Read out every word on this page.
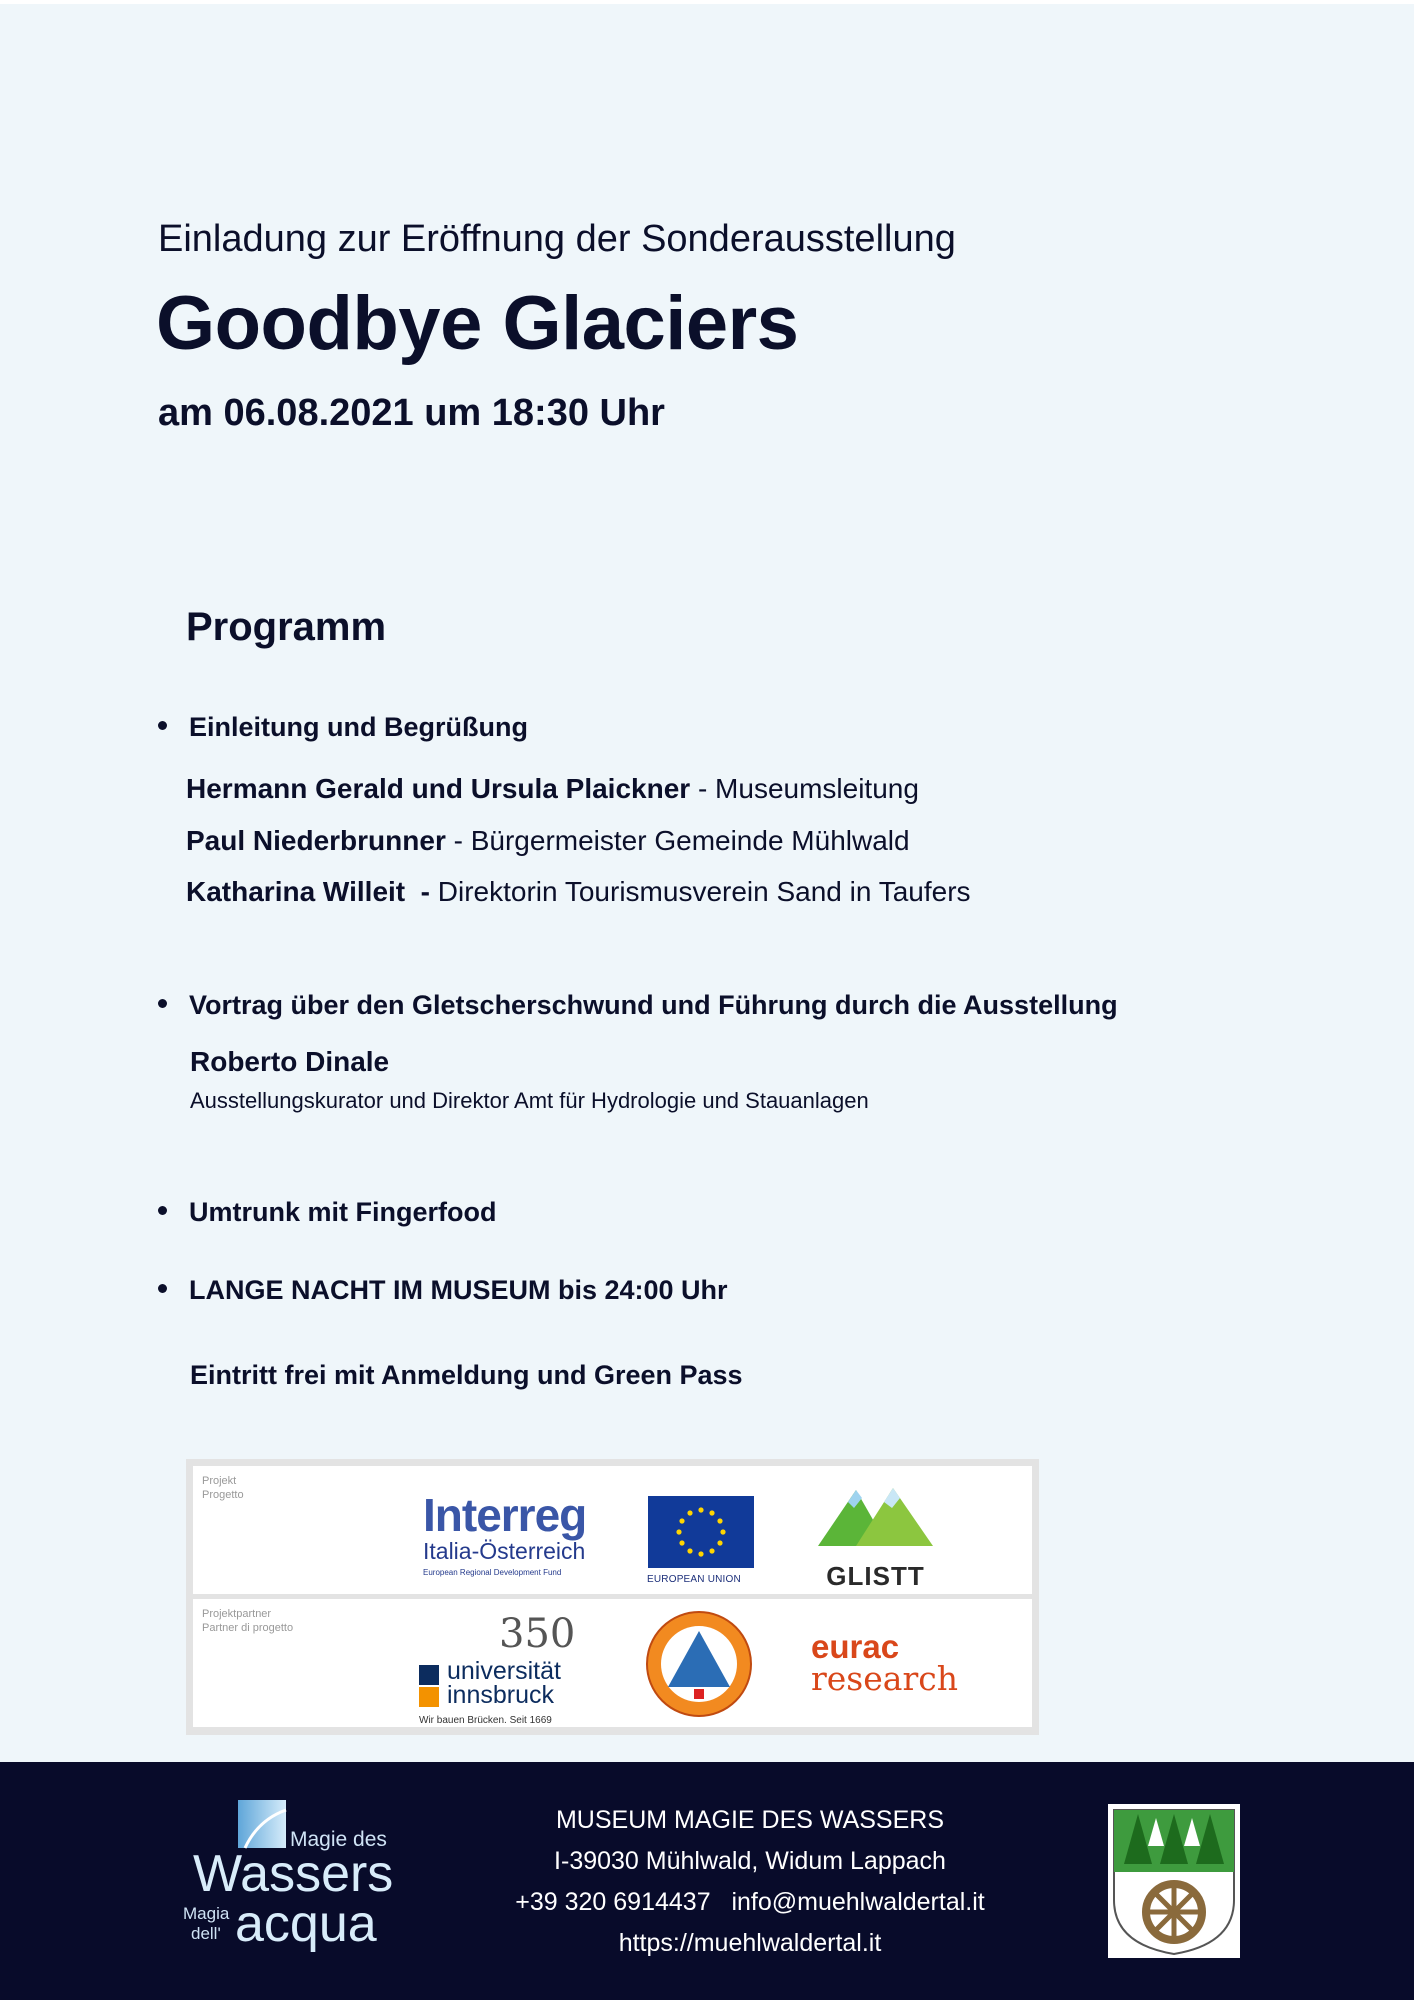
Einladung zur Eröffnung der Sonderausstellung
Goodbye Glaciers
am 06.08.2021 um 18:30 Uhr
Programm
Einleitung und Begrüßung
Hermann Gerald und Ursula Plaickner - Museumsleitung
Paul Niederbrunner - Bürgermeister Gemeinde Mühlwald
Katharina Willeit  - Direktorin Tourismusverein Sand in Taufers
Vortrag über den Gletscherschwund und Führung durch die Ausstellung
Roberto Dinale
Ausstellungskurator und Direktor Amt für Hydrologie und Stauanlagen
Umtrunk mit Fingerfood
LANGE NACHT IM MUSEUM bis 24:00 Uhr
Eintritt frei mit Anmeldung und Green Pass
Projekt
Progetto	Interreg
Italia-Österreich
European Regional Development Fund
EUROPEAN UNION	GLISTT
Projektpartner
Partner di progetto	350
universität
innsbruck
Wir bauen Brücken. Seit 1669
eurac
research
Magie des
Wassers
Magia
dell' acqua
MUSEUM MAGIE DES WASSERS
I-39030 Mühlwald, Widum Lappach
+39 320 6914437 info@muehlwaldertal.it
https://muehlwaldertal.it
